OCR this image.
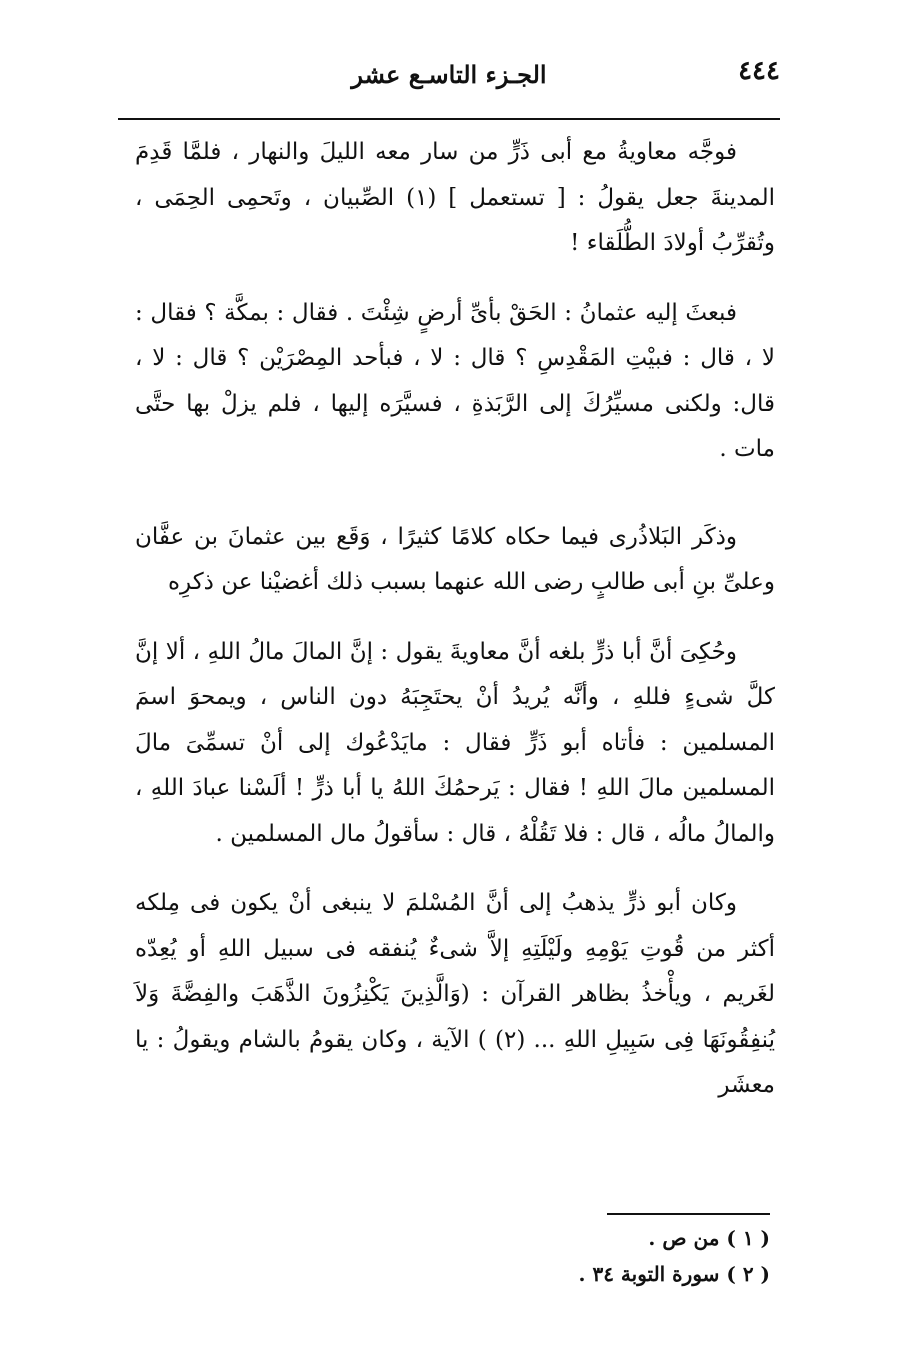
٤٤٤
الجـزء التاسـع عشر

فوجَّه معاويةُ مع أبى ذَرٍّ من سار معه الليلَ والنهار ، فلمَّا قَدِمَ المدينةَ جعل يقولُ : [ تستعمل ] (١) الصِّبيان ، وتَحمِى الحِمَى ، وتُقرِّبُ أولادَ الطُّلَقاء !

فبعثَ إليه عثمانُ : الحَقْ بأىِّ أرضٍ شِئْتَ . فقال : بمكَّة ؟ فقال : لا ، قال : فبيْتِ المَقْدِسِ ؟ قال : لا ، فبأحد المِصْرَيْن ؟ قال : لا ، قال: ولكنى مسيِّرُكَ إلى الرَّبَذةِ ، فسيَّرَه إليها ، فلم يزلْ بها حتَّى مات .

وذكَر البَلاذُرى فيما حكاه كلامًا كثيرًا ، وَقَع بين عثمانَ بن عفَّان وعلىِّ بنِ أبى طالبٍ رضى الله عنهما بسبب ذلك أغضيْنا عن ذكرِه

وحُكِىَ أنَّ أبا ذرٍّ بلغه أنَّ معاويةَ يقول : إنَّ المالَ مالُ اللهِ ، ألا إنَّ كلَّ شىءٍ فللهِ ، وأنَّه يُريدُ أنْ يحتَجِبَهُ دون الناس ، ويمحوَ اسمَ المسلمين : فأتاه أبو ذَرٍّ فقال : مايَدْعُوك إلى أنْ تسمِّىَ مالَ المسلمين مالَ اللهِ ! فقال : يَرحمُكَ اللهُ يا أبا ذرٍّ ! ألَسْنا عبادَ اللهِ ، والمالُ مالُه ، قال : فلا تَقُلْهُ ، قال : سأقولُ مال المسلمين .

وكان أبو ذرٍّ يذهبُ إلى أنَّ المُسْلمَ لا ينبغى أنْ يكون فى مِلكه أكثر من قُوتِ يَوْمِهِ ولَيْلَتِهِ إلاَّ شىءٌ يُنفقه فى سبيل اللهِ أو يُعِدّه لغَريم ، ويأْخذُ بظاهر القرآن : (وَالَّذِينَ يَكْنِزُونَ الذَّهَبَ والفِضَّةَ وَلاَ يُنفِقُونَهَا فِى سَبِيلِ اللهِ ... (٢) ) الآية ، وكان يقومُ بالشام ويقولُ : يا معشَر

( ١ ) من ص .

( ٢ ) سورة التوبة ٣٤ .
